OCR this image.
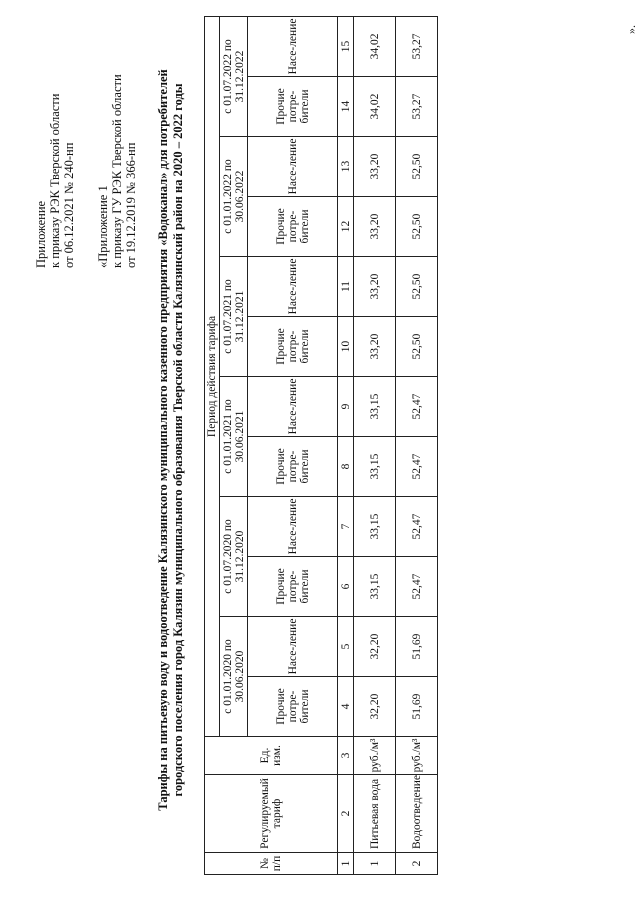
Приложение к приказу РЭК Тверской области от 06.12.2021 № 240-нп «Приложение 1 к приказу ГУ РЭК Тверской области от 19.12.2019 № 366-нп Тарифы на питьевую воду и водоотведение Калязинского муниципального казенного предприятия «Водоканал» для потребителей городского поселения город Калязин муниципального образования Тверской области Калязинский район на 2020 – 2022 годы
№ п/п	Регулируемый тариф	Ед. изм.	Период действия тарифа											
			с 01.01.2020 по 30.06.2020		с 01.07.2020 по 31.12.2020		с 01.01.2021 по 30.06.2021		с 01.07.2021 по 31.12.2021		с 01.01.2022 по 30.06.2022		с 01.07.2022 по 31.12.2022	
			Прочие потре-бители	Насе-ление	Прочие потре-бители	Насе-ление	Прочие потре-бители	Насе-ление	Прочие потре-бители	Насе-ление	Прочие потре-бители	Насе-ление	Прочие потре-бители	Насе-ление
1	2	3	4	5	6	7	8	9	10	11	12	13	14	15
1	Питьевая вода	руб./м³	32,20	32,20	33,15	33,15	33,15	33,15	33,20	33,20	33,20	33,20	34,02	34,02
2	Водоотведение	руб./м³	51,69	51,69	52,47	52,47	52,47	52,47	52,50	52,50	52,50	52,50	53,27	53,27
».
